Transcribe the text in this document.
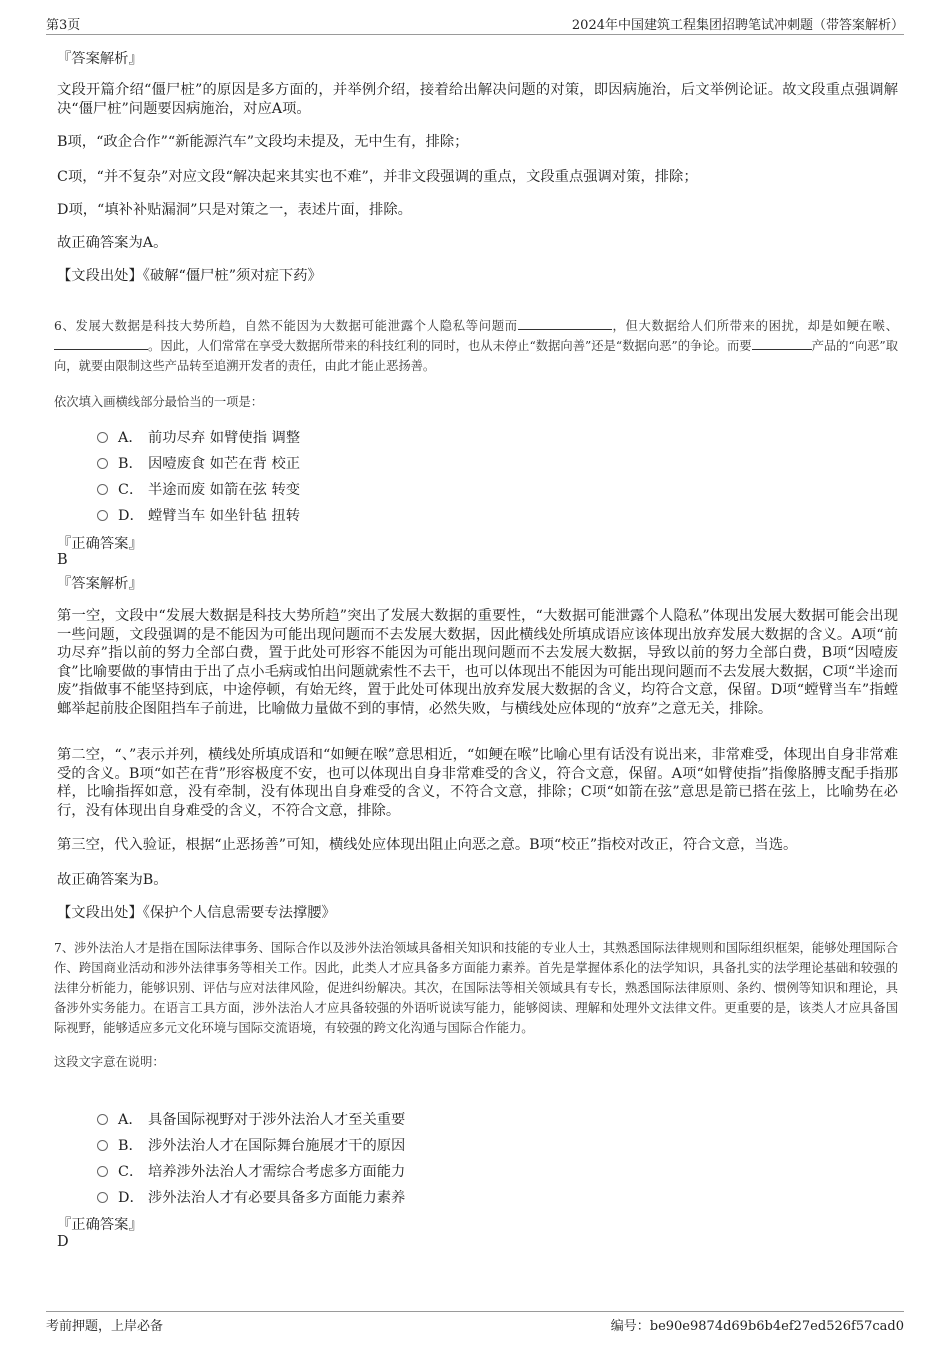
第3页	2024年中国建筑工程集团招聘笔试冲刺题（带答案解析）
『答案解析』
文段开篇介绍“僵尸桩”的原因是多方面的，并举例介绍，接着给出解决问题的对策，即因病施治，后文举例论证。故文段重点强调解决“僵尸桩”问题要因病施治，对应A项。
B项，“政企合作”“新能源汽车”文段均未提及，无中生有，排除；
C项，“并不复杂”对应文段“解决起来其实也不难”，并非文段强调的重点，文段重点强调对策，排除；
D项，“填补补贴漏洞”只是对策之一，表述片面，排除。
故正确答案为A。
【文段出处】《破解“僵尸桩”须对症下药》
6、发展大数据是科技大势所趋，自然不能因为大数据可能泄露个人隐私等问题而	，但大数据给人们所带来的困扰，却是如鲠在喉、。因此，人们常常在享受大数据所带来的科技红利的同时，也从未停止“数据向善”还是“数据向恶”的争论。而要	产品的“向恶”取向，就要由限制这些产品转至追溯开发者的责任，由此才能止恶扬善。
依次填入画横线部分最恰当的一项是：
A． 前功尽弃 如臂使指 调整
B． 因噎废食 如芒在背 校正
C． 半途而废 如箭在弦 转变
D． 螳臂当车 如坐针毡 扭转
『正确答案』
B
『答案解析』
第一空，文段中“发展大数据是科技大势所趋”突出了发展大数据的重要性，“大数据可能泄露个人隐私”体现出发展大数据可能会出现一些问题，文段强调的是不能因为可能出现问题而不去发展大数据，因此横线处所填成语应该体现出放弃发展大数据的含义。A项“前功尽弃”指以前的努力全部白费，置于此处可形容不能因为可能出现问题而不去发展大数据，导致以前的努力全部白费，B项“因噎废食”比喻要做的事情由于出了点小毛病或怕出问题就索性不去干，也可以体现出不能因为可能出现问题而不去发展大数据，C项“半途而废”指做事不能坚持到底，中途停顿，有始无终，置于此处可体现出放弃发展大数据的含义，均符合文意，保留。D项“螳臂当车”指螳螂举起前肢企图阻挡车子前进，比喻做力量做不到的事情，必然失败，与横线处应体现的“放弃”之意无关，排除。
第二空，“、”表示并列，横线处所填成语和“如鲠在喉”意思相近，“如鲠在喉”比喻心里有话没有说出来，非常难受，体现出自身非常难受的含义。B项“如芒在背”形容极度不安，也可以体现出自身非常难受的含义，符合文意，保留。A项“如臂使指”指像胳膊支配手指那样，比喻指挥如意，没有牵制，没有体现出自身难受的含义，不符合文意，排除；C项“如箭在弦”意思是箭已搭在弦上，比喻势在必行，没有体现出自身难受的含义，不符合文意，排除。
第三空，代入验证，根据“止恶扬善”可知，横线处应体现出阻止向恶之意。B项“校正”指校对改正，符合文意，当选。
故正确答案为B。
【文段出处】《保护个人信息需要专法撑腰》
7、涉外法治人才是指在国际法律事务、国际合作以及涉外法治领域具备相关知识和技能的专业人士，其熟悉国际法律规则和国际组织框架，能够处理国际合作、跨国商业活动和涉外法律事务等相关工作。因此，此类人才应具备多方面能力素养。首先是掌握体系化的法学知识，具备扎实的法学理论基础和较强的法律分析能力，能够识别、评估与应对法律风险，促进纠纷解决。其次，在国际法等相关领域具有专长，熟悉国际法律原则、条约、惯例等知识和理论，具备涉外实务能力。在语言工具方面，涉外法治人才应具备较强的外语听说读写能力，能够阅读、理解和处理外文法律文件。更重要的是，该类人才应具备国际视野，能够适应多元文化环境与国际交流语境，有较强的跨文化沟通与国际合作能力。
这段文字意在说明：
A． 具备国际视野对于涉外法治人才至关重要
B． 涉外法治人才在国际舞台施展才干的原因
C． 培养涉外法治人才需综合考虑多方面能力
D． 涉外法治人才有必要具备多方面能力素养
『正确答案』
D
考前押题，上岸必备	编号：be90e9874d69b6b4ef27ed526f57cad0
